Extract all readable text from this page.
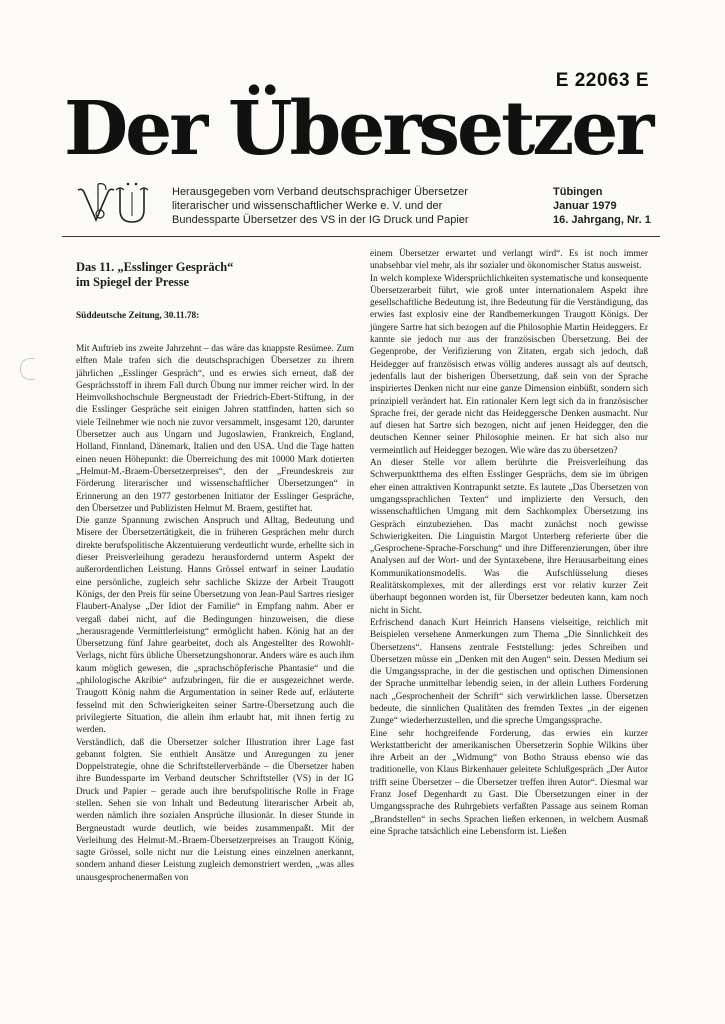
E 22063 E
Der Übersetzer
VdÜ	Herausgegeben vom Verband deutschsprachiger Übersetzer
literarischer und wissenschaftlicher Werke e. V. und der
Bundessparte Übersetzer des VS in der IG Druck und Papier
Tübingen
Januar 1979
16. Jahrgang, Nr. 1
Das 11. „Esslinger Gespräch“
im Spiegel der Presse
Süddeutsche Zeitung, 30.11.78:

Mit Auftrieb ins zweite Jahrzehnt – das wäre das knappste Resümee. Zum elften Male trafen sich die deutschsprachigen Übersetzer zu ihrem jährlichen „Esslinger Gespräch“, und es erwies sich erneut, daß der Gesprächsstoff in ihrem Fall durch Übung nur immer reicher wird. In der Heimvolkshochschule Bergneustadt der Friedrich-Ebert-Stiftung, in der die Esslinger Gespräche seit einigen Jahren stattfinden, hatten sich so viele Teilnehmer wie noch nie zuvor versammelt, insgesamt 120, darunter Übersetzer auch aus Ungarn und Jugoslawien, Frankreich, England, Holland, Finnland, Dänemark, Italien und den USA. Und die Tage hatten einen neuen Höhepunkt: die Überreichung des mit 10000 Mark dotierten „Helmut-M.-Braem-Übersetzerpreises“, den der „Freundeskreis zur Förderung literarischer und wissenschaftlicher Übersetzungen“ in Erinnerung an den 1977 gestorbenen Initiator der Esslinger Gespräche, den Übersetzer und Publizisten Helmut M. Braem, gestiftet hat.

Die ganze Spannung zwischen Anspruch und Alltag, Bedeutung und Misere der Übersetzertätigkeit, die in früheren Gesprächen mehr durch direkte berufspolitische Akzentuierung verdeutlicht wurde, erhellte sich in dieser Preisverleihung geradezu herausfordernd unterm Aspekt der außerordentlichen Leistung. Hanns Grössel entwarf in seiner Laudatio eine persönliche, zugleich sehr sachliche Skizze der Arbeit Traugott Königs, der den Preis für seine Übersetzung von Jean-Paul Sartres riesiger Flaubert-Analyse „Der Idiot der Familie“ in Empfang nahm. Aber er vergaß dabei nicht, auf die Bedingungen hinzuweisen, die diese „herausragende Vermittlerleistung“ ermöglicht haben. König hat an der Übersetzung fünf Jahre gearbeitet, doch als Angestellter des Rowohlt-Verlags, nicht fürs übliche Übersetzungshonorar. Anders wäre es auch ihm kaum möglich gewesen, die „sprachschöpferische Phantasie“ und die „philologische Akribie“ aufzubringen, für die er ausgezeichnet werde. Traugott König nahm die Argumentation in seiner Rede auf, erläuterte fesselnd mit den Schwierigkeiten seiner Sartre-Übersetzung auch die privilegierte Situation, die allein ihm erlaubt hat, mit ihnen fertig zu werden.

Verständlich, daß die Übersetzer solcher Illustration ihrer Lage fast gebannt folgten. Sie enthielt Ansätze und Anregungen zu jener Doppelstrategie, ohne die Schriftstellerverbände – die Übersetzer haben ihre Bundessparte im Verband deutscher Schriftsteller (VS) in der IG Druck und Papier – gerade auch ihre berufspolitische Rolle in Frage stellen. Sehen sie von Inhalt und Bedeutung literarischer Arbeit ab, werden nämlich ihre sozialen Ansprüche illusionär. In dieser Stunde in Bergneustadt wurde deutlich, wie beides zusammenpaßt. Mit der Verleihung des Helmut-M.-Braem-Übersetzerpreises an Traugott König, sagte Grössel, solle nicht nur die Leistung eines einzelnen anerkannt, sondern anhand dieser Leistung zugleich demonstriert werden, „was alles unausgesprochenermaßen von

einem Übersetzer erwartet und verlangt wird“. Es ist noch immer unabsehbar viel mehr, als ihr sozialer und ökonomischer Status ausweist.

In welch komplexe Widersprüchlichkeiten systematische und konsequente Übersetzerarbeit führt, wie groß unter internationalem Aspekt ihre gesellschaftliche Bedeutung ist, ihre Bedeutung für die Verständigung, das erwies fast explosiv eine der Randbemerkungen Traugott Königs. Der jüngere Sartre hat sich bezogen auf die Philosophie Martin Heideggers. Er kannte sie jedoch nur aus der französischen Übersetzung. Bei der Gegenprobe, der Verifizierung von Zitaten, ergab sich jedoch, daß Heidegger auf französisch etwas völlig anderes aussagt als auf deutsch, jedenfalls laut der bisherigen Übersetzung, daß sein von der Sprache inspiriertes Denken nicht nur eine ganze Dimension einbüßt, sondern sich prinzipiell verändert hat. Ein rationaler Kern legt sich da in französischer Sprache frei, der gerade nicht das Heideggersche Denken ausmacht. Nur auf diesen hat Sartre sich bezogen, nicht auf jenen Heidegger, den die deutschen Kenner seiner Philosophie meinen. Er hat sich also nur vermeintlich auf Heidegger bezogen. Wie wäre das zu übersetzen?

An dieser Stelle vor allem berührte die Preisverleihung das Schwerpunktthema des elften Esslinger Gesprächs, dem sie im übrigen eher einen attraktiven Kontrapunkt setzte. Es lautete „Das Übersetzen von umgangssprachlichen Texten“ und implizierte den Versuch, den wissenschaftlichen Umgang mit dem Sachkomplex Übersetzung ins Gespräch einzubeziehen. Das macht zunächst noch gewisse Schwierigkeiten. Die Linguistin Margot Unterberg referierte über die „Gesprochene-Sprache-Forschung“ und ihre Differenzierungen, über ihre Analysen auf der Wort- und der Syntaxebene, ihre Herausarbeitung eines Kommunikationsmodells. Was die Aufschlüsselung dieses Realitätskomplexes, mit der allerdings erst vor relativ kurzer Zeit überhaupt begonnen worden ist, für Übersetzer bedeuten kann, kam noch nicht in Sicht.

Erfrischend danach Kurt Heinrich Hansens vielseitige, reichlich mit Beispielen versehene Anmerkungen zum Thema „Die Sinnlichkeit des Übersetzens“. Hansens zentrale Feststellung: jedes Schreiben und Übersetzen müsse ein „Denken mit den Augen“ sein. Dessen Medium sei die Umgangssprache, in der die gestischen und optischen Dimensionen der Sprache unmittelbar lebendig seien, in der allein Luthers Forderung nach „Gesprochenheit der Schrift“ sich verwirklichen lasse. Übersetzen bedeute, die sinnlichen Qualitäten des fremden Textes „in der eigenen Zunge“ wiederherzustellen, und die spreche Umgangssprache.

Eine sehr hochgreifende Forderung, das erwies ein kurzer Werkstattbericht der amerikanischen Übersetzerin Sophie Wilkins über ihre Arbeit an der „Widmung“ von Botho Strauss ebenso wie das traditionelle, von Klaus Birkenhauer geleitete Schlußgespräch „Der Autor trifft seine Übersetzer – die Übersetzer treffen ihren Autor“. Diesmal war Franz Josef Degenhardt zu Gast. Die Übersetzungen einer in der Umgangssprache des Ruhrgebiets verfaßten Passage aus seinem Roman „Brandstellen“ in sechs Sprachen ließen erkennen, in welchem Ausmaß eine Sprache tatsächlich eine Lebensform ist. Ließen
